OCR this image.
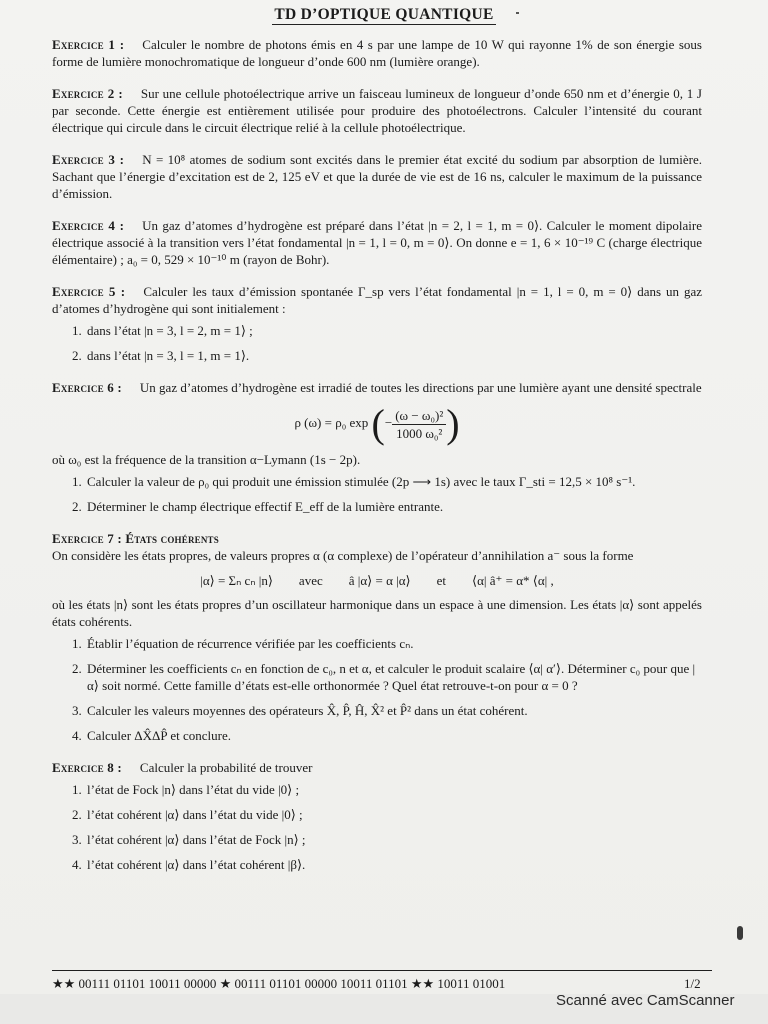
TD D’OPTIQUE QUANTIQUE

Exercice 1 : Calculer le nombre de photons émis en 4 s par une lampe de 10 W qui rayonne 1% de son énergie sous forme de lumière monochromatique de longueur d’onde 600 nm (lumière orange).

Exercice 2 : Sur une cellule photoélectrique arrive un faisceau lumineux de longueur d’onde 650 nm et d’énergie 0, 1 J par seconde. Cette énergie est entièrement utilisée pour produire des photoélectrons. Calculer l’intensité du courant électrique qui circule dans le circuit électrique relié à la cellule photoélectrique.

Exercice 3 : N = 10⁸ atomes de sodium sont excités dans le premier état excité du sodium par absorption de lumière. Sachant que l’énergie d’excitation est de 2, 125 eV et que la durée de vie est de 16 ns, calculer le maximum de la puissance d’émission.

Exercice 4 : Un gaz d’atomes d’hydrogène est préparé dans l’état |n = 2, l = 1, m = 0⟩. Calculer le moment dipolaire électrique associé à la transition vers l’état fondamental |n = 1, l = 0, m = 0⟩. On donne e = 1, 6 × 10⁻¹⁹ C (charge électrique élémentaire) ; a₀ = 0, 529 × 10⁻¹⁰ m (rayon de Bohr).

Exercice 5 : Calculer les taux d’émission spontanée Γ_sp vers l’état fondamental |n = 1, l = 0, m = 0⟩ dans un gaz d’atomes d’hydrogène qui sont initialement :

1. dans l’état |n = 3, l = 2, m = 1⟩ ;
2. dans l’état |n = 3, l = 1, m = 1⟩.

Exercice 6 : Un gaz d’atomes d’hydrogène est irradié de toutes les directions par une lumière ayant une densité spectrale

ρ (ω) = ρ₀ exp (− $\frac{\text{(ω − ω₀)²}}{\text{1000 ω₀²}}$ )

où ω₀ est la fréquence de la transition α−Lymann (1s − 2p).

1. Calculer la valeur de ρ₀ qui produit une émission stimulée (2p ⟶ 1s) avec le taux Γ_sti = 12,5 × 10⁸ s⁻¹.
2. Déterminer le champ électrique effectif E_eff de la lumière entrante.

Exercice 7 : États cohérents

On considère les états propres, de valeurs propres α (α complexe) de l’opérateur d’annihilation a⁻ sous la forme

|α⟩ = Σₙ cₙ |n⟩        avec        â |α⟩ = α |α⟩        et        ⟨α| â⁺ = α* ⟨α| ,

où les états |n⟩ sont les états propres d’un oscillateur harmonique dans un espace à une dimension. Les états |α⟩ sont appelés états cohérents.

1. Établir l’équation de récurrence vérifiée par les coefficients cₙ.
2. Déterminer les coefficients cₙ en fonction de c₀, n et α, et calculer le produit scalaire ⟨α| α′⟩. Déterminer c₀ pour que |α⟩ soit normé. Cette famille d’états est-elle orthonormée ? Quel état retrouve-t-on pour α = 0 ?
3. Calculer les valeurs moyennes des opérateurs X̂, P̂, Ĥ, X̂² et P̂² dans un état cohérent.
4. Calculer ΔX̂ΔP̂ et conclure.

Exercice 8 : Calculer la probabilité de trouver

1. l’état de Fock |n⟩ dans l’état du vide |0⟩ ;
2. l’état cohérent |α⟩ dans l’état du vide |0⟩ ;
3. l’état cohérent |α⟩ dans l’état de Fock |n⟩ ;
4. l’état cohérent |α⟩ dans l’état cohérent |β⟩.
★★ 00111 01101 10011 00000 ★ 00111 01101 00000 10011 01101 ★★ 10011 01001	1/2
Scanné avec CamScanner
